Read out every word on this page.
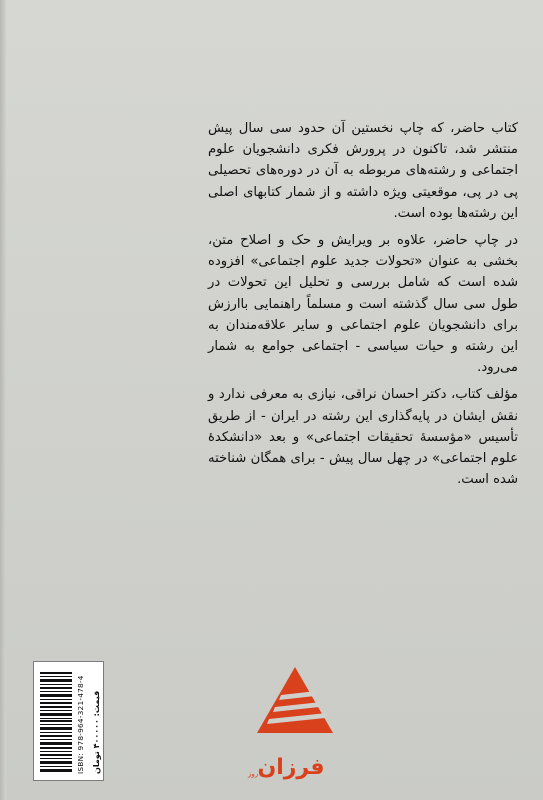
کتاب حاضر، که چاپ نخستین آن حدود سی سال پیش منتشر شد، تاکنون در پرورش فکری دانشجویان علوم اجتماعی و رشته‌های مربوطه به آن در دوره‌های تحصیلی پی در پی، موقعیتی ویژه داشته و از شمار کتابهای اصلی این رشته‌ها بوده است.

در چاپ حاضر، علاوه بر ویرایش و حک و اصلاح متن، بخشی به عنوان «تحولات جدید علوم اجتماعی» افزوده شده است که شامل بررسی و تحلیل این تحولات در طول سی سال گذشته است و مسلماً راهنمایی باارزش برای دانشجویان علوم اجتماعی و سایر علاقه‌مندان به این رشته و حیات سیاسی - اجتماعی جوامع به شمار می‌رود.

مؤلف کتاب، دکتر احسان نراقی، نیازی به معرفی ندارد و نقش ایشان در پایه‌گذاری این رشته در ایران - از طریق تأسیس «مؤسسهٔ تحقیقات اجتماعی» و بعد «دانشکدهٔ علوم اجتماعی» در چهل سال پیش - برای همگان شناخته شده است.

ISBN: 978-964-321-478-4 قیمت: ۴۰۰۰۰۰ تومان
فرزان
روز
